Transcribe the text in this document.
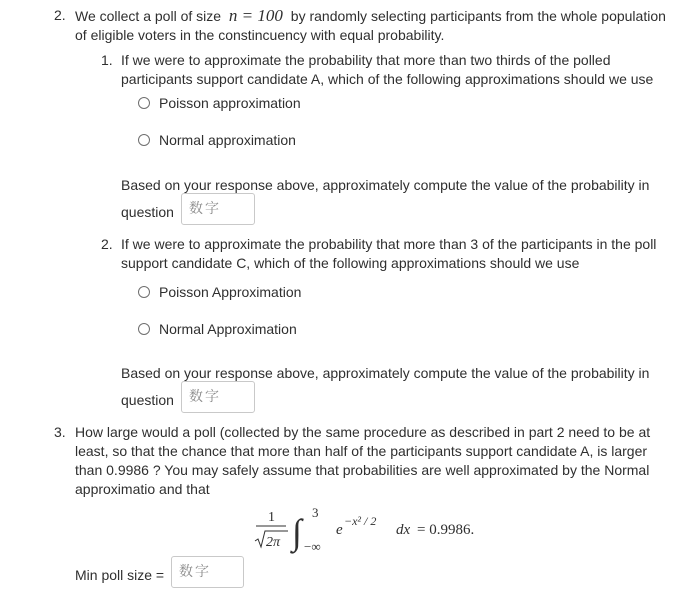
2. We collect a poll of size n = 100 by randomly selecting participants from the whole population
of eligible voters in the constincuency with equal probability.
1. If we were to approximate the probability that more than two thirds of the polled
participants support candidate A, which of the following approximations should we use
Poisson approximation
Normal approximation
Based on your response above, approximately compute the value of the probability in
question
数字
2. If we were to approximate the probability that more than 3 of the participants in the poll
support candidate C, which of the following approximations should we use
Poisson Approximation
Normal Approximation
Based on your response above, approximately compute the value of the probability in
question
数字
3. How large would a poll (collected by the same procedure as described in part 2 need to be at
least, so that the chance that more than half of the participants support candidate A, is larger
than 0.9986 ? You may safely assume that probabilities are well approximated by the Normal
approximatio and that
1
2π ∫ 3
−∞
e
−x² / 2
dx = 0.9986.
Min poll size =
数字
